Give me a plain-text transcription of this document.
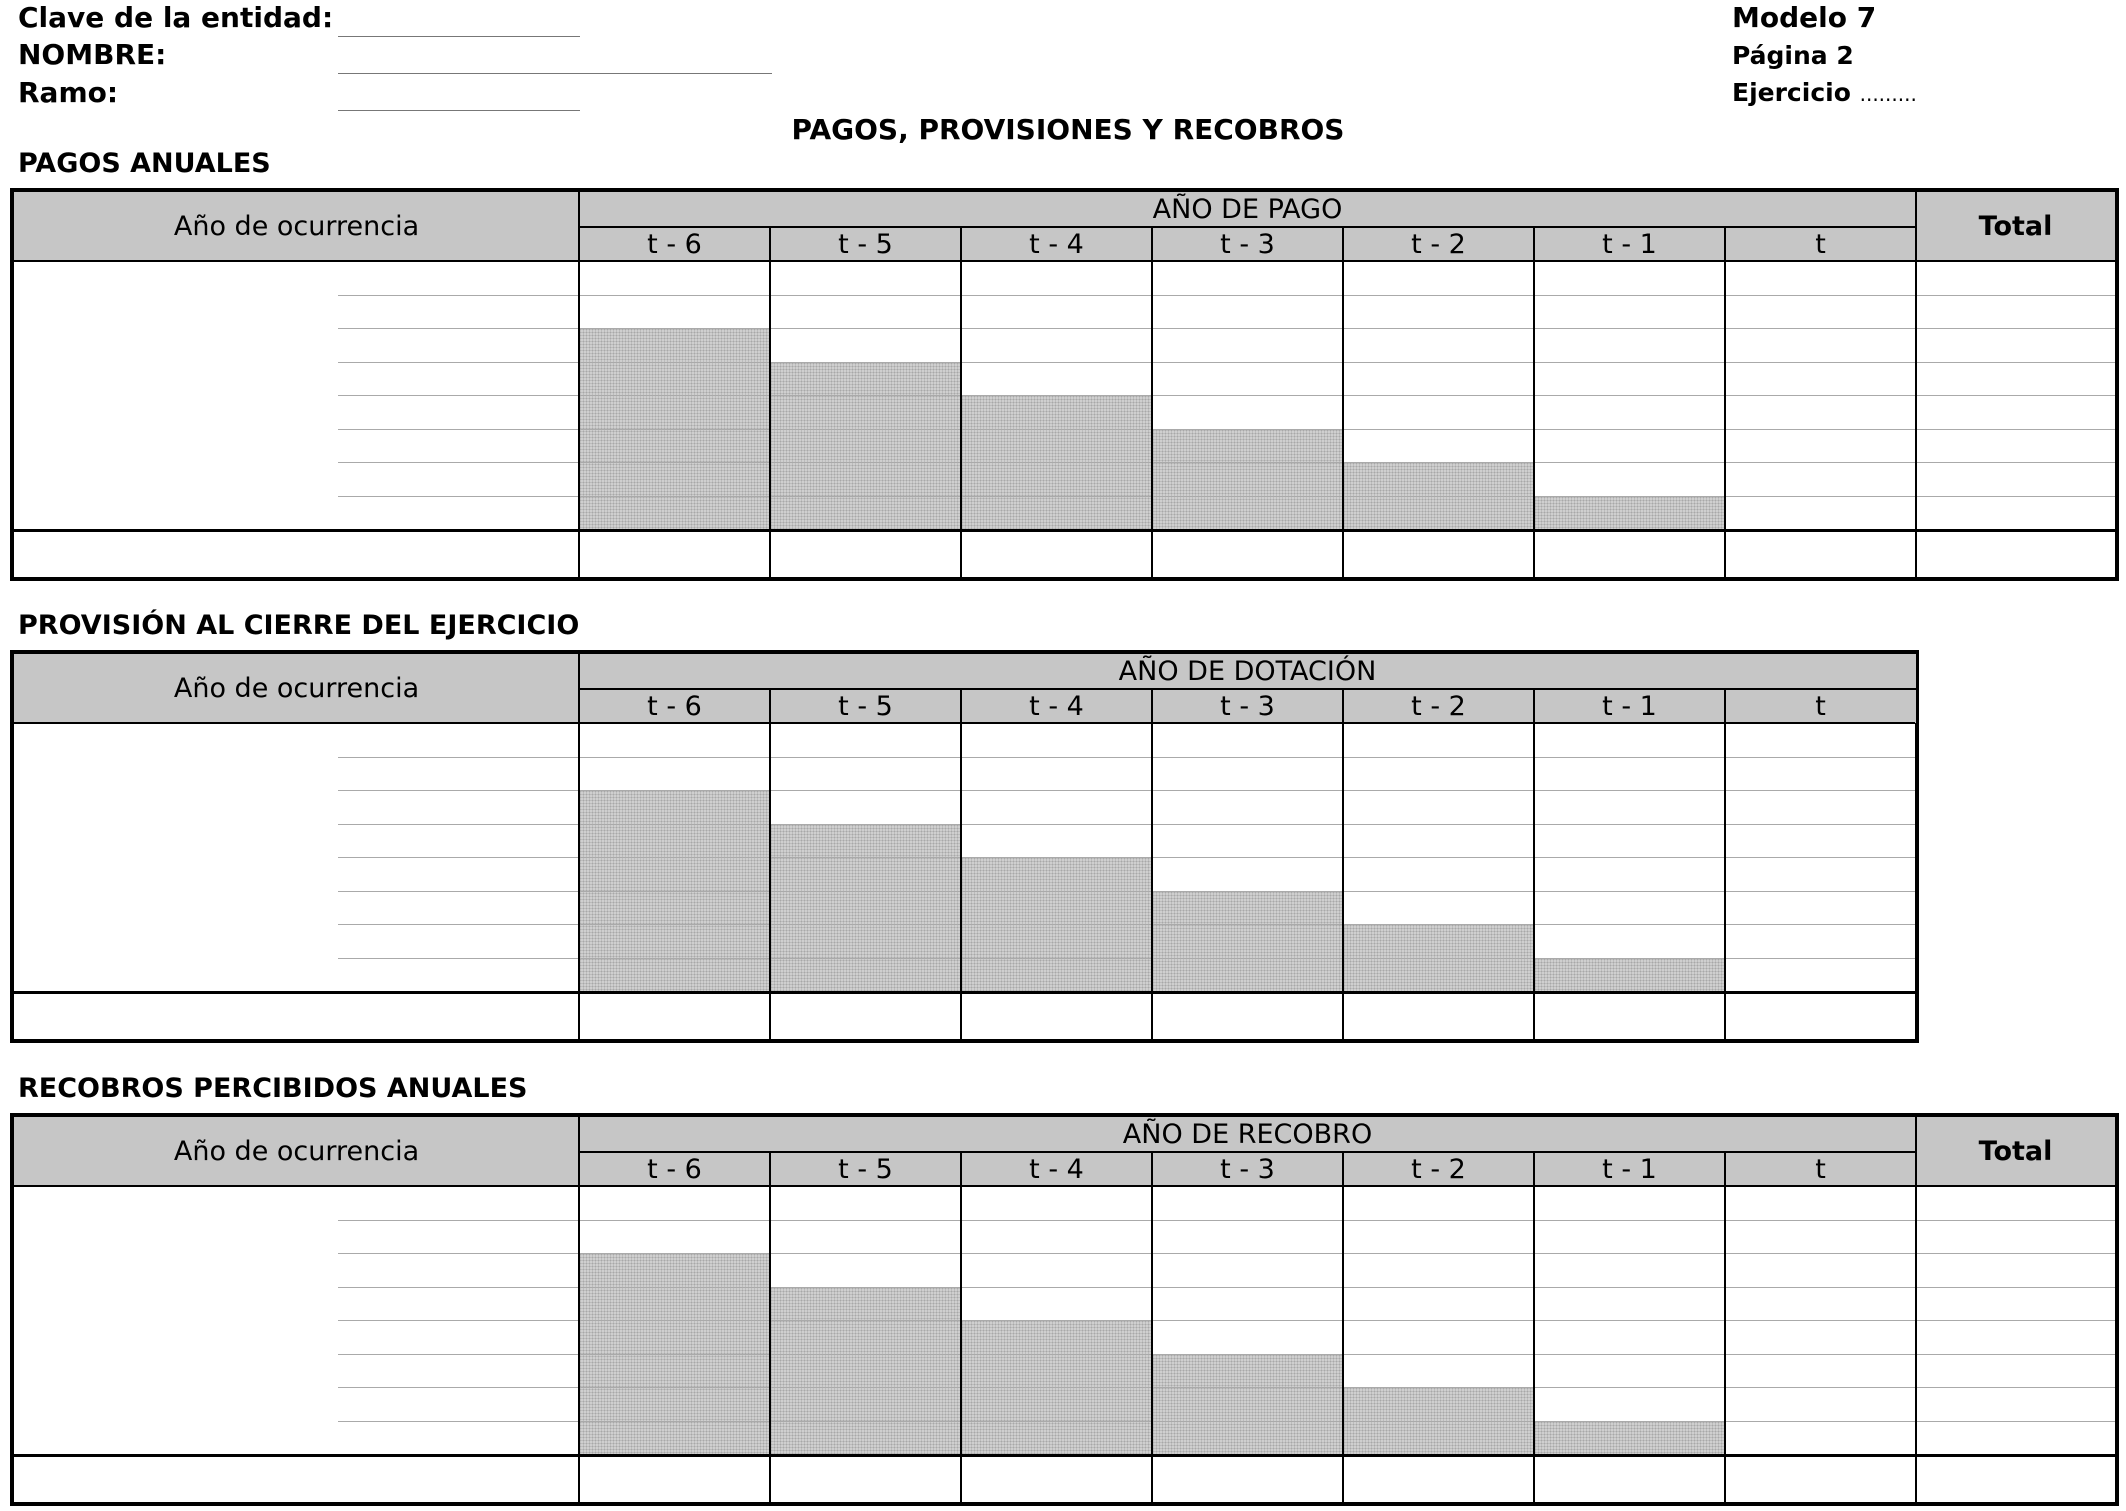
Clave de la entidad:
NOMBRE:
Ramo:
Modelo 7
Página 2
Ejercicio .........
PAGOS, PROVISIONES Y RECOBROS
PAGOS ANUALES
Año de ocurrencia
AÑO DE PAGO
t - 6	t - 5	t - 4	t - 3	t - 2	t - 1	t
Total
PROVISIÓN AL CIERRE DEL EJERCICIO
Año de ocurrencia
AÑO DE DOTACIÓN
t - 6	t - 5	t - 4	t - 3	t - 2	t - 1	t
RECOBROS PERCIBIDOS ANUALES
Año de ocurrencia
AÑO DE RECOBRO
t - 6	t - 5	t - 4	t - 3	t - 2	t - 1	t
Total
